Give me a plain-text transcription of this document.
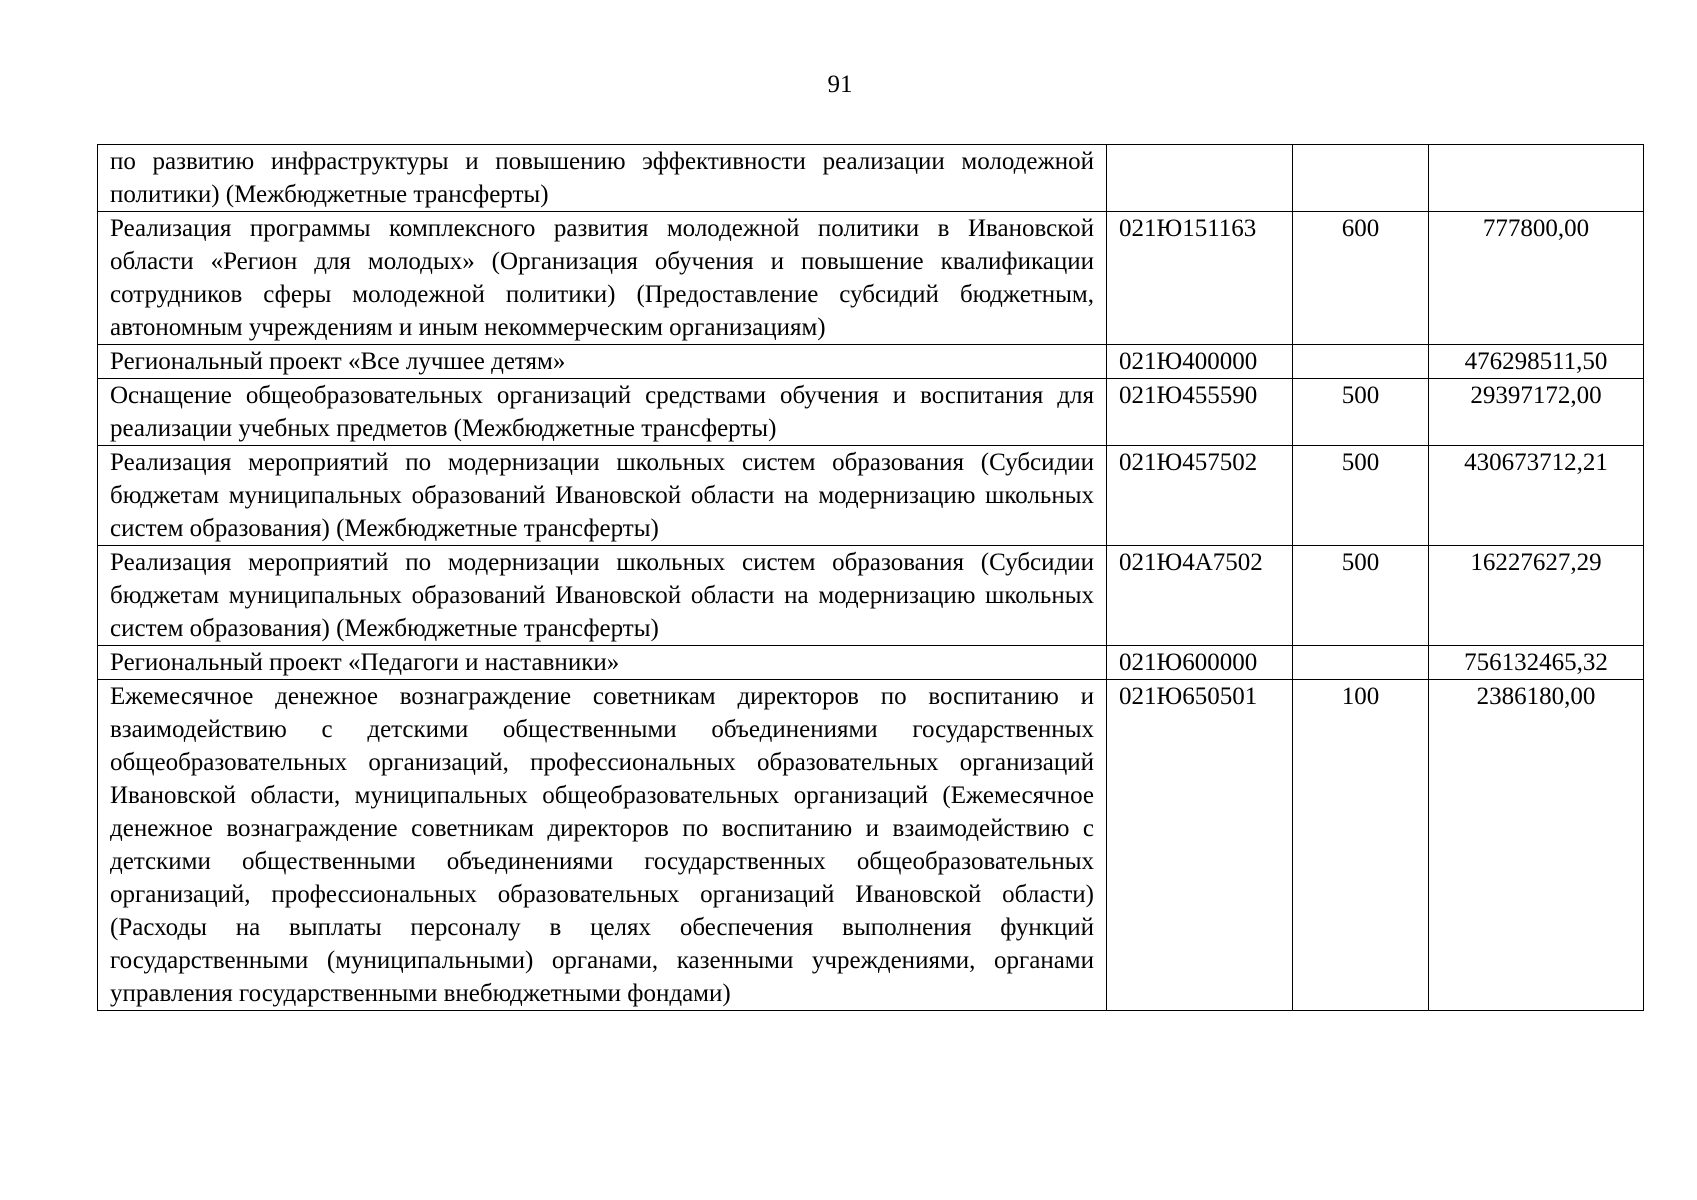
91
по развитию инфраструктуры и повышению эффективности реализации молодежной политики) (Межбюджетные трансферты)			
Реализация программы комплексного развития молодежной политики в Ивановской области «Регион для молодых» (Организация обучения и повышение квалификации сотрудников сферы молодежной политики) (Предоставление субсидий бюджетным, автономным учреждениям и иным некоммерческим организациям)	021Ю151163	600	777800,00
Региональный проект «Все лучшее детям»	021Ю400000		476298511,50
Оснащение общеобразовательных организаций средствами обучения и воспитания для реализации учебных предметов (Межбюджетные трансферты)	021Ю455590	500	29397172,00
Реализация мероприятий по модернизации школьных систем образования (Субсидии бюджетам муниципальных образований Ивановской области на модернизацию школьных систем образования) (Межбюджетные трансферты)	021Ю457502	500	430673712,21
Реализация мероприятий по модернизации школьных систем образования (Субсидии бюджетам муниципальных образований Ивановской области на модернизацию школьных систем образования) (Межбюджетные трансферты)	021Ю4А7502	500	16227627,29
Региональный проект «Педагоги и наставники»	021Ю600000		756132465,32
Ежемесячное денежное вознаграждение советникам директоров по воспитанию и взаимодействию с детскими общественными объединениями государственных общеобразовательных организаций, профессиональных образовательных организаций Ивановской области, муниципальных общеобразовательных организаций (Ежемесячное денежное вознаграждение советникам директоров по воспитанию и взаимодействию с детскими общественными объединениями государственных общеобразовательных организаций, профессиональных образовательных организаций Ивановской области) (Расходы на выплаты персоналу в целях обеспечения выполнения функций государственными (муниципальными) органами, казенными учреждениями, органами управления государственными внебюджетными фондами)	021Ю650501	100	2386180,00
